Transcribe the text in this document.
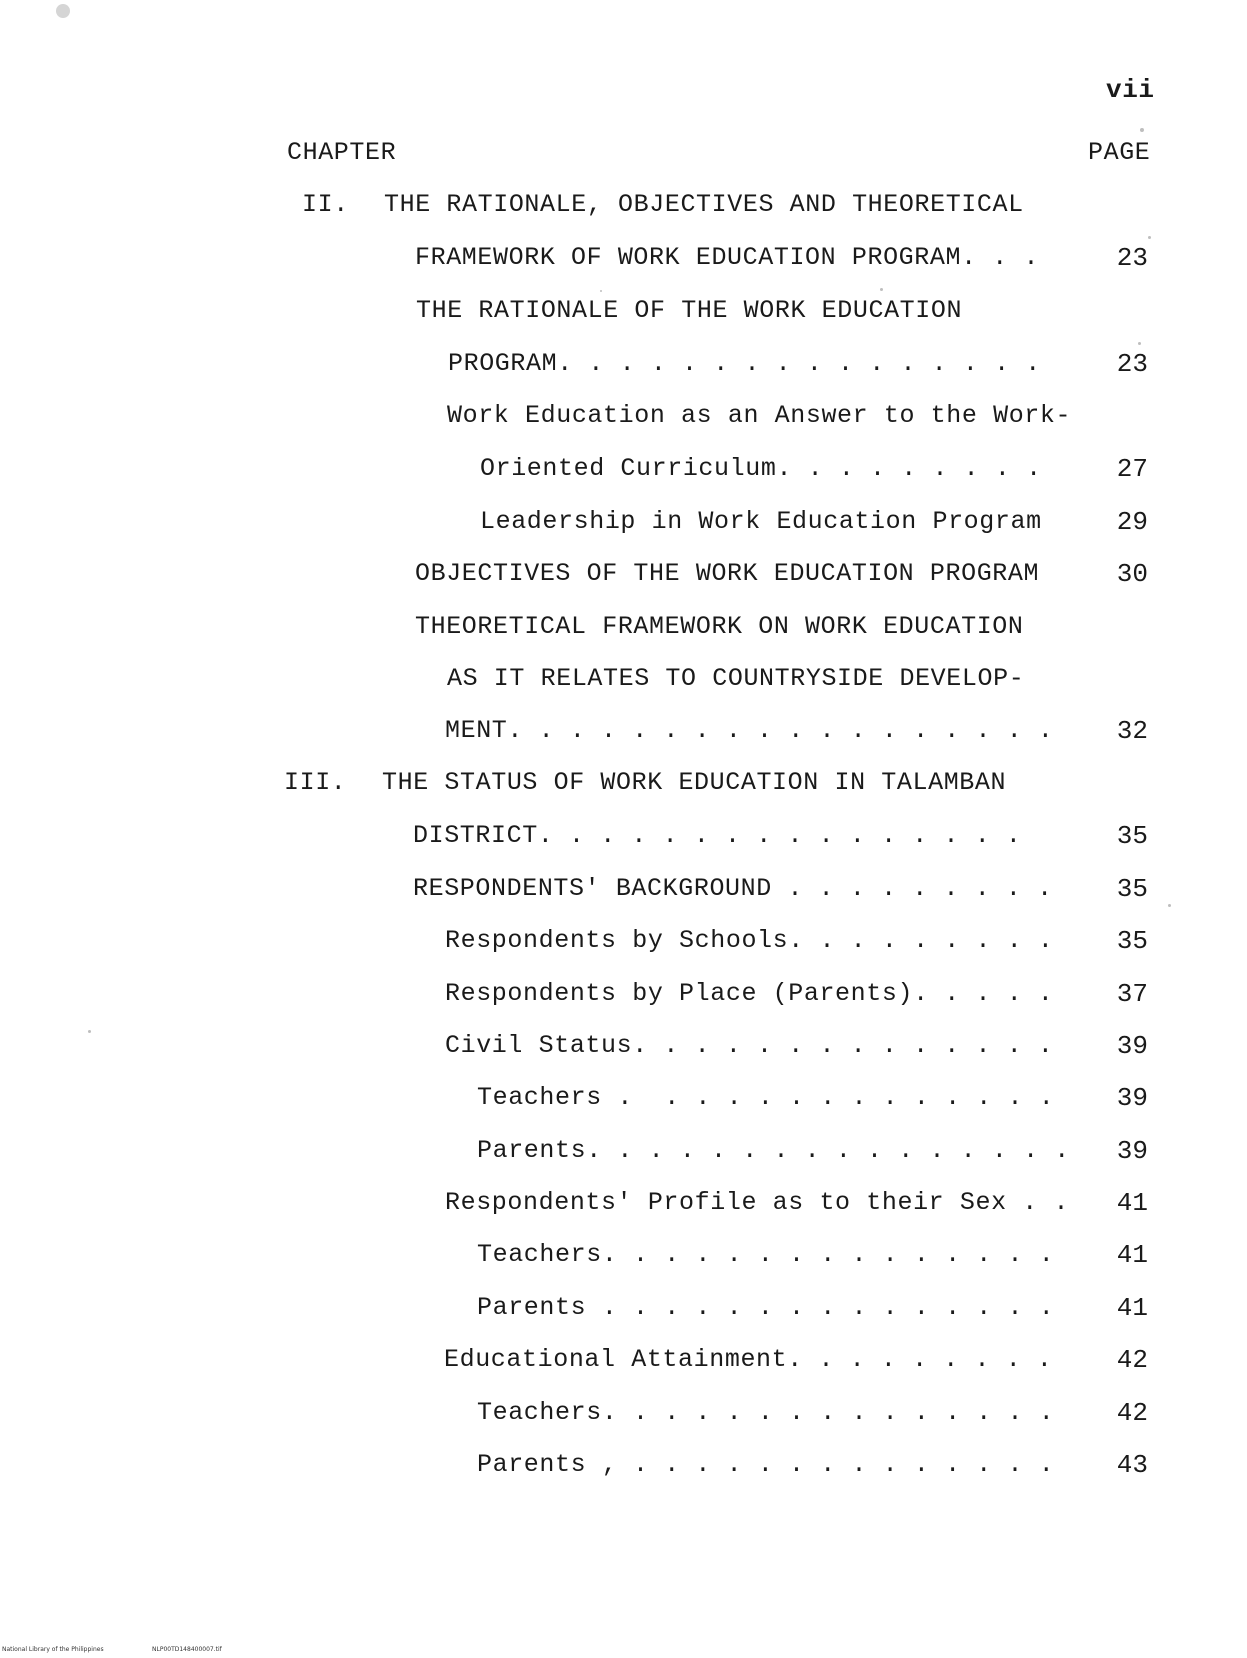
vii
CHAPTER	PAGE
II. THE RATIONALE, OBJECTIVES AND THEORETICAL
FRAMEWORK OF WORK EDUCATION PROGRAM. . .	23
THE RATIONALE OF THE WORK EDUCATION
PROGRAM. . . . . . . . . . . . . . . .	23
Work Education as an Answer to the Work-
Oriented Curriculum. . . . . . . . .	27
Leadership in Work Education Program	29
OBJECTIVES OF THE WORK EDUCATION PROGRAM	30
THEORETICAL FRAMEWORK ON WORK EDUCATION
AS IT RELATES TO COUNTRYSIDE DEVELOP-
MENT. . . . . . . . . . . . . . . . . .	32
III. THE STATUS OF WORK EDUCATION IN TALAMBAN
DISTRICT. . . . . . . . . . . . . . . .	35
RESPONDENTS' BACKGROUND . . . . . . . . .	35
Respondents by Schools. . . . . . . . .	35
Respondents by Place (Parents). . . . .	37
Civil Status. . . . . . . . . . . . . .	39
Teachers .  . . . . . . . . . . . . .	39
Parents. . . . . . . . . . . . . . . .	39
Respondents' Profile as to their Sex . .	41
Teachers. . . . . . . . . . . . . . .	41
Parents . . . . . . . . . . . . . . .	41
Educational Attainment. . . . . . . . .	42
Teachers. . . . . . . . . . . . . . .	42
Parents , . . . . . . . . . . . . . .	43
National Library of the Philippines	NLP00TD148400007.tif
